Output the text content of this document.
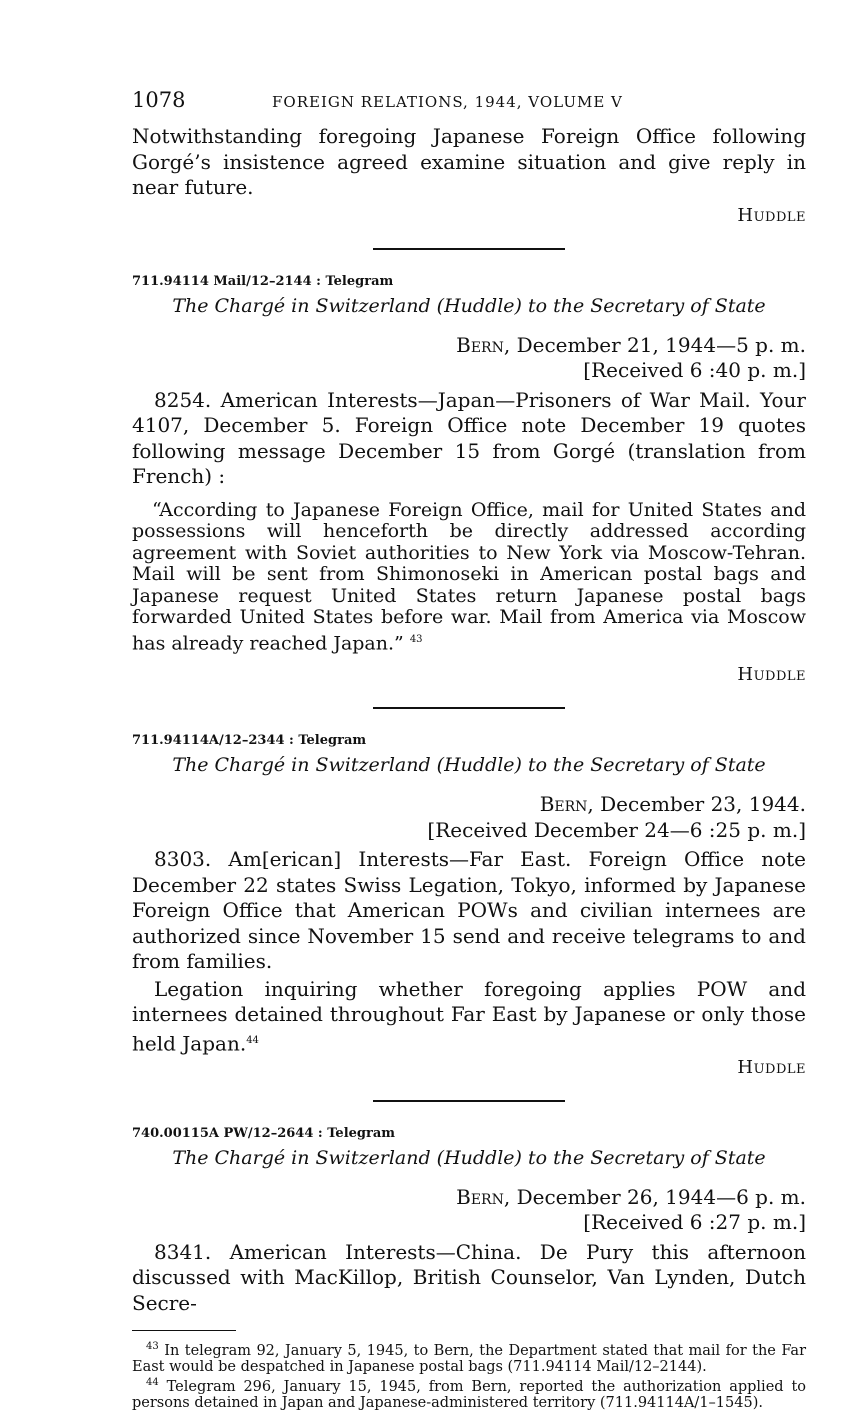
1078	FOREIGN RELATIONS, 1944, VOLUME V

Notwithstanding foregoing Japanese Foreign Office following Gorgé’s insistence agreed examine situation and give reply in near future.

Huddle
711.94114 Mail/12–2144 : Telegram
The Chargé in Switzerland (Huddle) to the Secretary of State
Bern, December 21, 1944—5 p. m.
[Received 6 :40 p. m.]

8254. American Interests—Japan—Prisoners of War Mail. Your 4107, December 5. Foreign Office note December 19 quotes following message December 15 from Gorgé (translation from French) :

“According to Japanese Foreign Office, mail for United States and possessions will henceforth be directly addressed according agreement with Soviet authorities to New York via Moscow-Tehran. Mail will be sent from Shimonoseki in American postal bags and Japanese request United States return Japanese postal bags forwarded United States before war. Mail from America via Moscow has already reached Japan.” $^{43}$
Huddle
711.94114A/12–2344 : Telegram
The Chargé in Switzerland (Huddle) to the Secretary of State
Bern, December 23, 1944.
[Received December 24—6 :25 p. m.]

8303. Am[erican] Interests—Far East. Foreign Office note December 22 states Swiss Legation, Tokyo, informed by Japanese Foreign Office that American POWs and civilian internees are authorized since November 15 send and receive telegrams to and from families.

Legation inquiring whether foregoing applies POW and internees detained throughout Far East by Japanese or only those held Japan.$^{44}$

Huddle
740.00115A PW/12–2644 : Telegram
The Chargé in Switzerland (Huddle) to the Secretary of State
Bern, December 26, 1944—6 p. m.
[Received 6 :27 p. m.]

8341. American Interests—China. De Pury this afternoon discussed with MacKillop, British Counselor, Van Lynden, Dutch Secre-

$^{43}$ In telegram 92, January 5, 1945, to Bern, the Department stated that mail for the Far East would be despatched in Japanese postal bags (711.94114 Mail/12–2144).
$^{44}$ Telegram 296, January 15, 1945, from Bern, reported the authorization applied to persons detained in Japan and Japanese-administered territory (711.94114A/1–1545).
